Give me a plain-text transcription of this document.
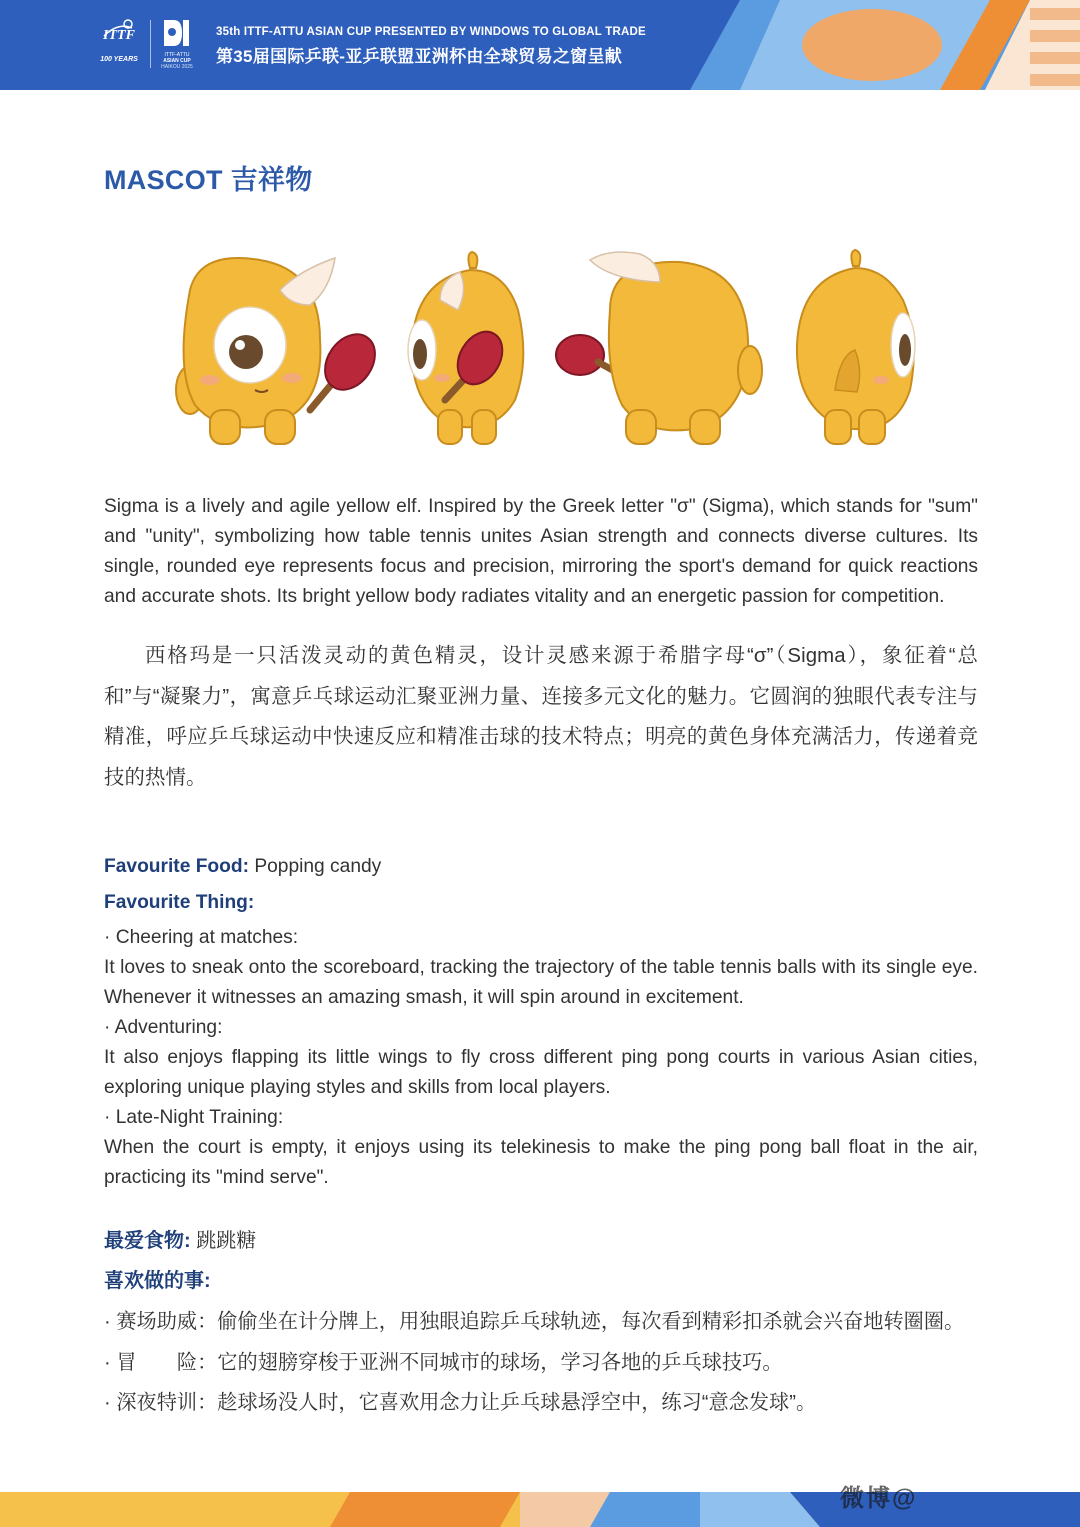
ITTF
100 YEARS
ITTF-ATTU
ASIAN CUP
HAIKOU 2025
35th ITTF-ATTU ASIAN CUP PRESENTED BY WINDOWS TO GLOBAL TRADE
第35届国际乒联-亚乒联盟亚洲杯由全球贸易之窗呈献
MASCOT 吉祥物
Sigma is a lively and agile yellow elf. Inspired by the Greek letter "σ" (Sigma), which stands for "sum" and "unity", symbolizing how table tennis unites Asian strength and connects diverse cultures. Its single, rounded eye represents focus and precision, mirroring the sport's demand for quick reactions and accurate shots. Its bright yellow body radiates vitality and an energetic passion for competition.
西格玛是一只活泼灵动的黄色精灵，设计灵感来源于希腊字母“σ”（Sigma），象征着“总和”与“凝聚力”，寓意乒乓球运动汇聚亚洲力量、连接多元文化的魅力。它圆润的独眼代表专注与精准，呼应乒乓球运动中快速反应和精准击球的技术特点；明亮的黄色身体充满活力，传递着竞技的热情。
Favourite Food: Popping candy
Favourite Thing:
· Cheering at matches:
It loves to sneak onto the scoreboard, tracking the trajectory of the table tennis balls with its single eye. Whenever it witnesses an amazing smash, it will spin around in excitement.
· Adventuring:
It also enjoys flapping its little wings to fly cross different ping pong courts in various Asian cities, exploring unique playing styles and skills from local players.
· Late-Night Training:
When the court is empty, it enjoys using its telekinesis to make the ping pong ball float in the air, practicing its "mind serve".
最爱食物: 跳跳糖
喜欢做的事:
· 赛场助威：偷偷坐在计分牌上，用独眼追踪乒乓球轨迹，每次看到精彩扣杀就会兴奋地转圈圈。
· 冒　　险：它的翅膀穿梭于亚洲不同城市的球场，学习各地的乒乓球技巧。
· 深夜特训：趁球场没人时，它喜欢用念力让乒乓球悬浮空中，练习“意念发球”。
微博@
